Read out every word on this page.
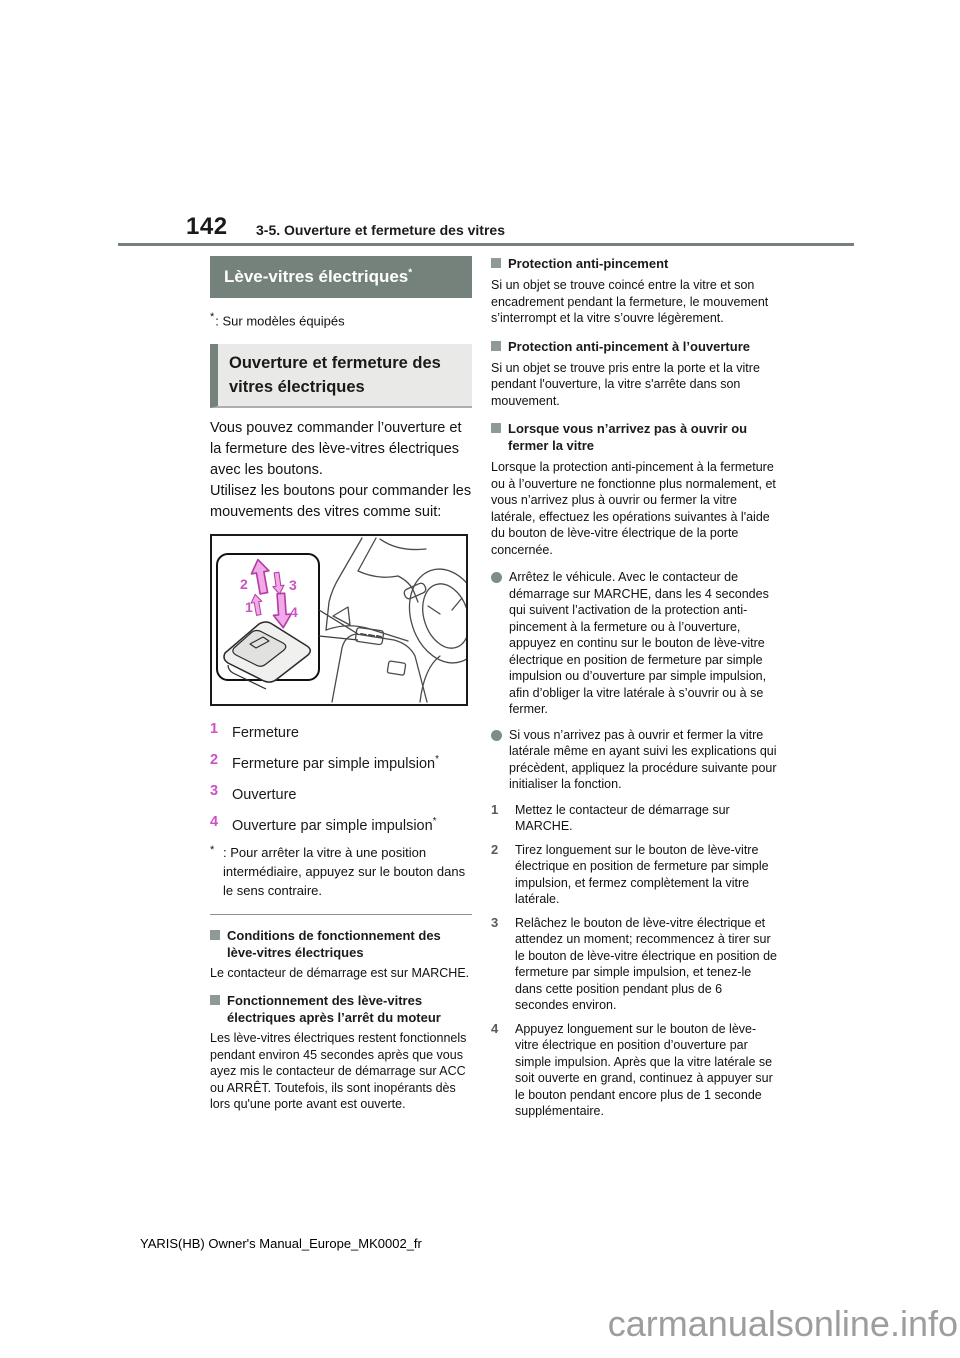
142 3-5. Ouverture et fermeture des vitres
Lève-vitres électriques*

*: Sur modèles équipés

Ouverture et fermeture des vitres électriques

Vous pouvez commander l’ouverture et la fermeture des lève-vitres électriques avec les boutons.

Utilisez les boutons pour commander les mouvements des vitres comme suit:

2	3
1	4
1 Fermeture
2 Fermeture par simple impulsion*
3 Ouverture
4 Ouverture par simple impulsion*
* : Pour arrêter la vitre à une position intermédiaire, appuyez sur le bouton dans le sens contraire.
Conditions de fonctionnement des lève-vitres électriques

Le contacteur de démarrage est sur MARCHE.

Fonctionnement des lève-vitres électriques après l’arrêt du moteur

Les lève-vitres électriques restent fonctionnels pendant environ 45 secondes après que vous ayez mis le contacteur de démarrage sur ACC ou ARRÊT. Toutefois, ils sont inopérants dès lors qu'une porte avant est ouverte.

Protection anti-pincement

Si un objet se trouve coincé entre la vitre et son encadrement pendant la fermeture, le mouvement s’interrompt et la vitre s’ouvre légèrement.

Protection anti-pincement à l’ouverture

Si un objet se trouve pris entre la porte et la vitre pendant l'ouverture, la vitre s'arrête dans son mouvement.

Lorsque vous n’arrivez pas à ouvrir ou fermer la vitre

Lorsque la protection anti-pincement à la fermeture ou à l’ouverture ne fonctionne plus normalement, et vous n’arrivez plus à ouvrir ou fermer la vitre latérale, effectuez les opérations suivantes à l'aide du bouton de lève-vitre électrique de la porte concernée.

Arrêtez le véhicule. Avec le contacteur de démarrage sur MARCHE, dans les 4 secondes qui suivent l’activation de la protection anti-pincement à la fermeture ou à l’ouverture, appuyez en continu sur le bouton de lève-vitre électrique en position de fermeture par simple impulsion ou d’ouverture par simple impulsion, afin d’obliger la vitre latérale à s’ouvrir ou à se fermer.
Si vous n’arrivez pas à ouvrir et fermer la vitre latérale même en ayant suivi les explications qui précèdent, appliquez la procédure suivante pour initialiser la fonction.
1	Mettez le contacteur de démarrage sur MARCHE.
2	Tirez longuement sur le bouton de lève-vitre électrique en position de fermeture par simple impulsion, et fermez complètement la vitre latérale.
3	Relâchez le bouton de lève-vitre électrique et attendez un moment; recommencez à tirer sur le bouton de lève-vitre électrique en position de fermeture par simple impulsion, et tenez-le dans cette position pendant plus de 6 secondes environ.
4	Appuyez longuement sur le bouton de lève-vitre électrique en position d’ouverture par simple impulsion. Après que la vitre latérale se soit ouverte en grand, continuez à appuyer sur le bouton pendant encore plus de 1 seconde supplémentaire.
YARIS(HB) Owner's Manual_Europe_MK0002_fr
carmanualsonline.info
